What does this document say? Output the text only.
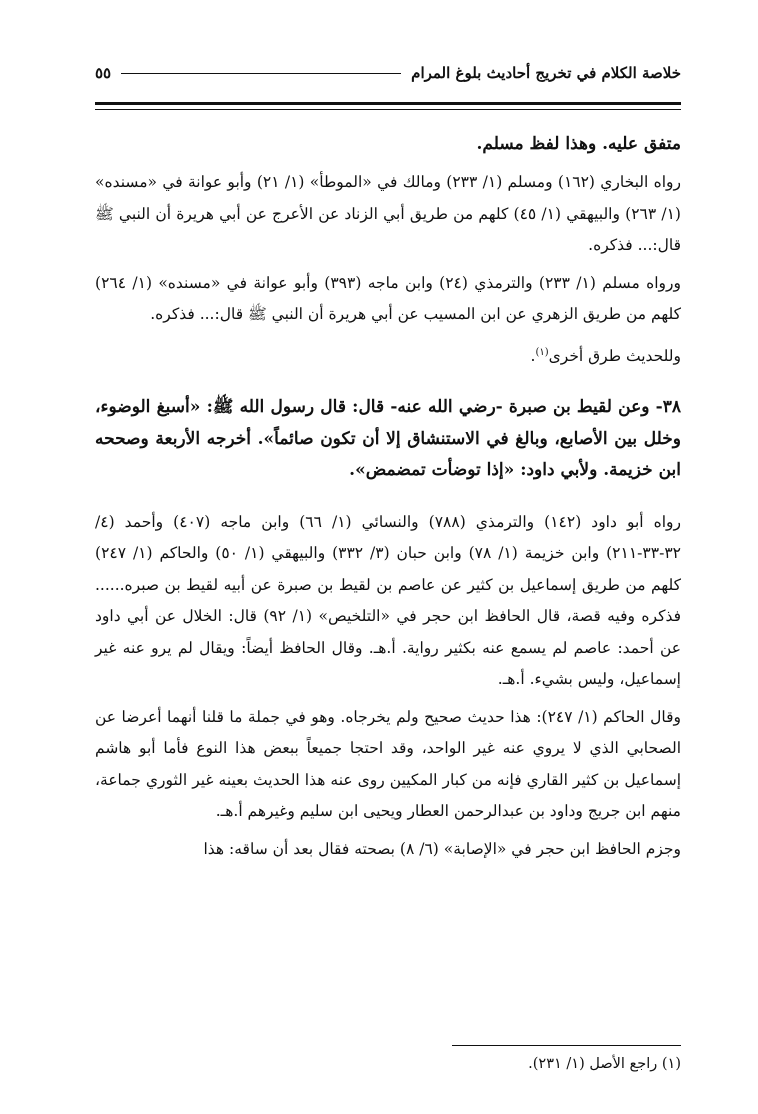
خلاصة الكلام في تخريج أحاديث بلوغ المرام
٥٥

متفق عليه. وهذا لفظ مسلم.

رواه البخاري (١٦٢) ومسلم (١/ ٢٣٣) ومالك في «الموطأ» (١/ ٢١) وأبو عوانة في «مسنده» (١/ ٢٦٣) والبيهقي (١/ ٤٥) كلهم من طريق أبي الزناد عن الأعرج عن أبي هريرة أن النبي ﷺ قال:... فذكره.

ورواه مسلم (١/ ٢٣٣) والترمذي (٢٤) وابن ماجه (٣٩٣) وأبو عوانة في «مسنده» (١/ ٢٦٤) كلهم من طريق الزهري عن ابن المسيب عن أبي هريرة أن النبي ﷺ قال:... فذكره.

وللحديث طرق أخرى$^{(١)}$.

٣٨- وعن لقيط بن صبرة -رضي الله عنه- قال: قال رسول الله ﷺ: «أسبغ الوضوء، وخلل بين الأصابع، وبالغ في الاستنشاق إلا أن تكون صائماً». أخرجه الأربعة وصححه ابن خزيمة. ولأبي داود: «إذا توضأت تمضمض».

رواه أبو داود (١٤٢) والترمذي (٧٨٨) والنسائي (١/ ٦٦) وابن ماجه (٤٠٧) وأحمد (٤/ ٣٢-٣٣-٢١١) وابن خزيمة (١/ ٧٨) وابن حبان (٣/ ٣٣٢) والبيهقي (١/ ٥٠) والحاكم (١/ ٢٤٧) كلهم من طريق إسماعيل بن كثير عن عاصم بن لقيط بن صبرة عن أبيه لقيط بن صبره...... فذكره وفيه قصة، قال الحافظ ابن حجر في «التلخيص» (١/ ٩٢) قال: الخلال عن أبي داود عن أحمد: عاصم لم يسمع عنه بكثير رواية. أ.هـ. وقال الحافظ أيضاً: ويقال لم يرو عنه غير إسماعيل، وليس بشيء. أ.هـ.

وقال الحاكم (١/ ٢٤٧): هذا حديث صحيح ولم يخرجاه. وهو في جملة ما قلنا أنهما أعرضا عن الصحابي الذي لا يروي عنه غير الواحد، وقد احتجا جميعاً ببعض هذا النوع فأما أبو هاشم إسماعيل بن كثير القاري فإنه من كبار المكيين روى عنه هذا الحديث بعينه غير الثوري جماعة، منهم ابن جريج وداود بن عبدالرحمن العطار ويحيى ابن سليم وغيرهم أ.هـ.

وجزم الحافظ ابن حجر في «الإصابة» (٦/ ٨) بصحته فقال بعد أن ساقه: هذا

(١) راجع الأصل (١/ ٢٣١).
